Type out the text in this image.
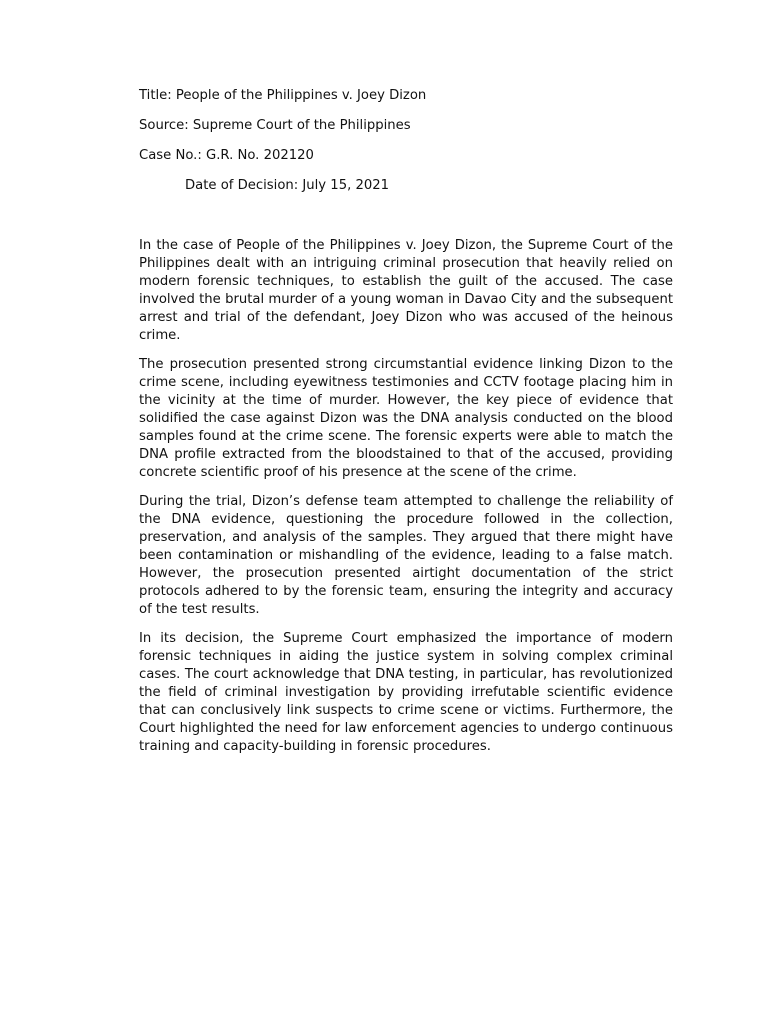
Title: People of the Philippines v. Joey Dizon
Source: Supreme Court of the Philippines
Case No.: G.R. No. 202120
Date of Decision: July 15, 2021

In the case of People of the Philippines v. Joey Dizon, the Supreme Court of the Philippines dealt with an intriguing criminal prosecution that heavily relied on modern forensic techniques, to establish the guilt of the accused. The case involved the brutal murder of a young woman in Davao City and the subsequent arrest and trial of the defendant, Joey Dizon who was accused of the heinous crime.

The prosecution presented strong circumstantial evidence linking Dizon to the crime scene, including eyewitness testimonies and CCTV footage placing him in the vicinity at the time of murder. However, the key piece of evidence that solidified the case against Dizon was the DNA analysis conducted on the blood samples found at the crime scene. The forensic experts were able to match the DNA profile extracted from the bloodstained to that of the accused, providing concrete scientific proof of his presence at the scene of the crime.

During the trial, Dizon’s defense team attempted to challenge the reliability of the DNA evidence, questioning the procedure followed in the collection, preservation, and analysis of the samples. They argued that there might have been contamination or mishandling of the evidence, leading to a false match. However, the prosecution presented airtight documentation of the strict protocols adhered to by the forensic team, ensuring the integrity and accuracy of the test results.

In its decision, the Supreme Court emphasized the importance of modern forensic techniques in aiding the justice system in solving complex criminal cases. The court acknowledge that DNA testing, in particular, has revolutionized the field of criminal investigation by providing irrefutable scientific evidence that can conclusively link suspects to crime scene or victims. Furthermore, the Court highlighted the need for law enforcement agencies to undergo continuous training and capacity-building in forensic procedures.
